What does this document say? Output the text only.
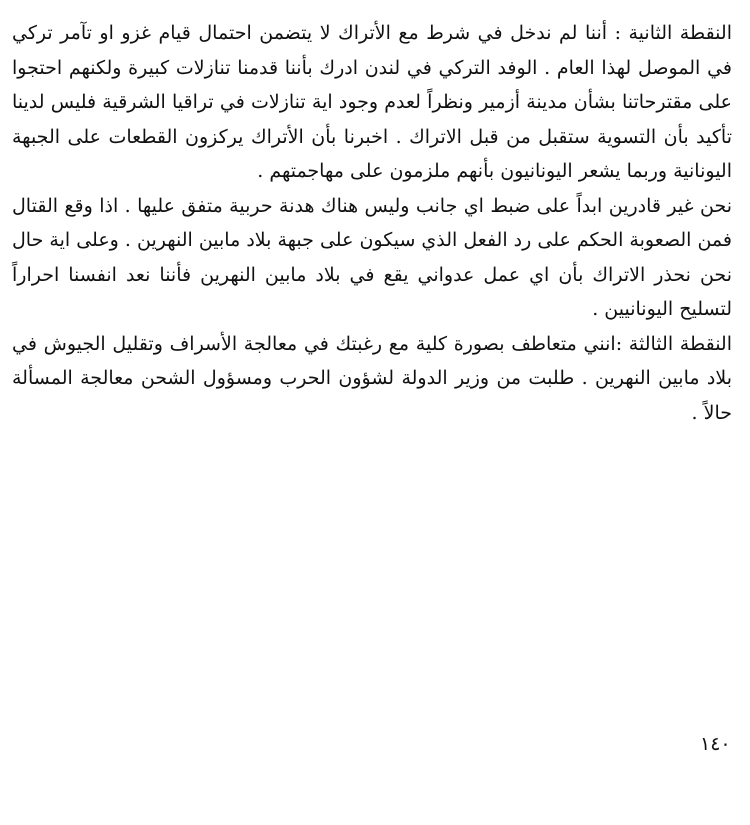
النقطة الثانية : أننا لم ندخل في شرط مع الأتراك لا يتضمن احتمال قيام غزو او تآمر تركي في الموصل لهذا العام . الوفد التركي في لندن ادرك بأننا قدمنا تنازلات كبيرة ولكنهم احتجوا على مقترحاتنا بشأن مدينة أزمير ونظراً لعدم وجود اية تنازلات في تراقيا الشرقية فليس لدينا تأكيد بأن التسوية ستقبل من قبل الاتراك . اخبرنا بأن الأتراك يركزون القطعات على الجبهة اليونانية وربما يشعر اليونانيون بأنهم ملزمون على مهاجمتهم .

نحن غير قادرين ابداً على ضبط اي جانب وليس هناك هدنة حربية متفق عليها . اذا وقع القتال فمن الصعوبة الحكم على رد الفعل الذي سيكون على جبهة بلاد مابين النهرين . وعلى اية حال نحن نحذر الاتراك بأن اي عمل عدواني يقع في بلاد مابين النهرين فأننا نعد انفسنا احراراً لتسليح اليونانيين .

النقطة الثالثة :انني متعاطف بصورة كلية مع رغبتك في معالجة الأسراف وتقليل الجيوش في بلاد مابين النهرين . طلبت من وزير الدولة لشؤون الحرب ومسؤول الشحن معالجة المسألة حالاً .

١٤٠
